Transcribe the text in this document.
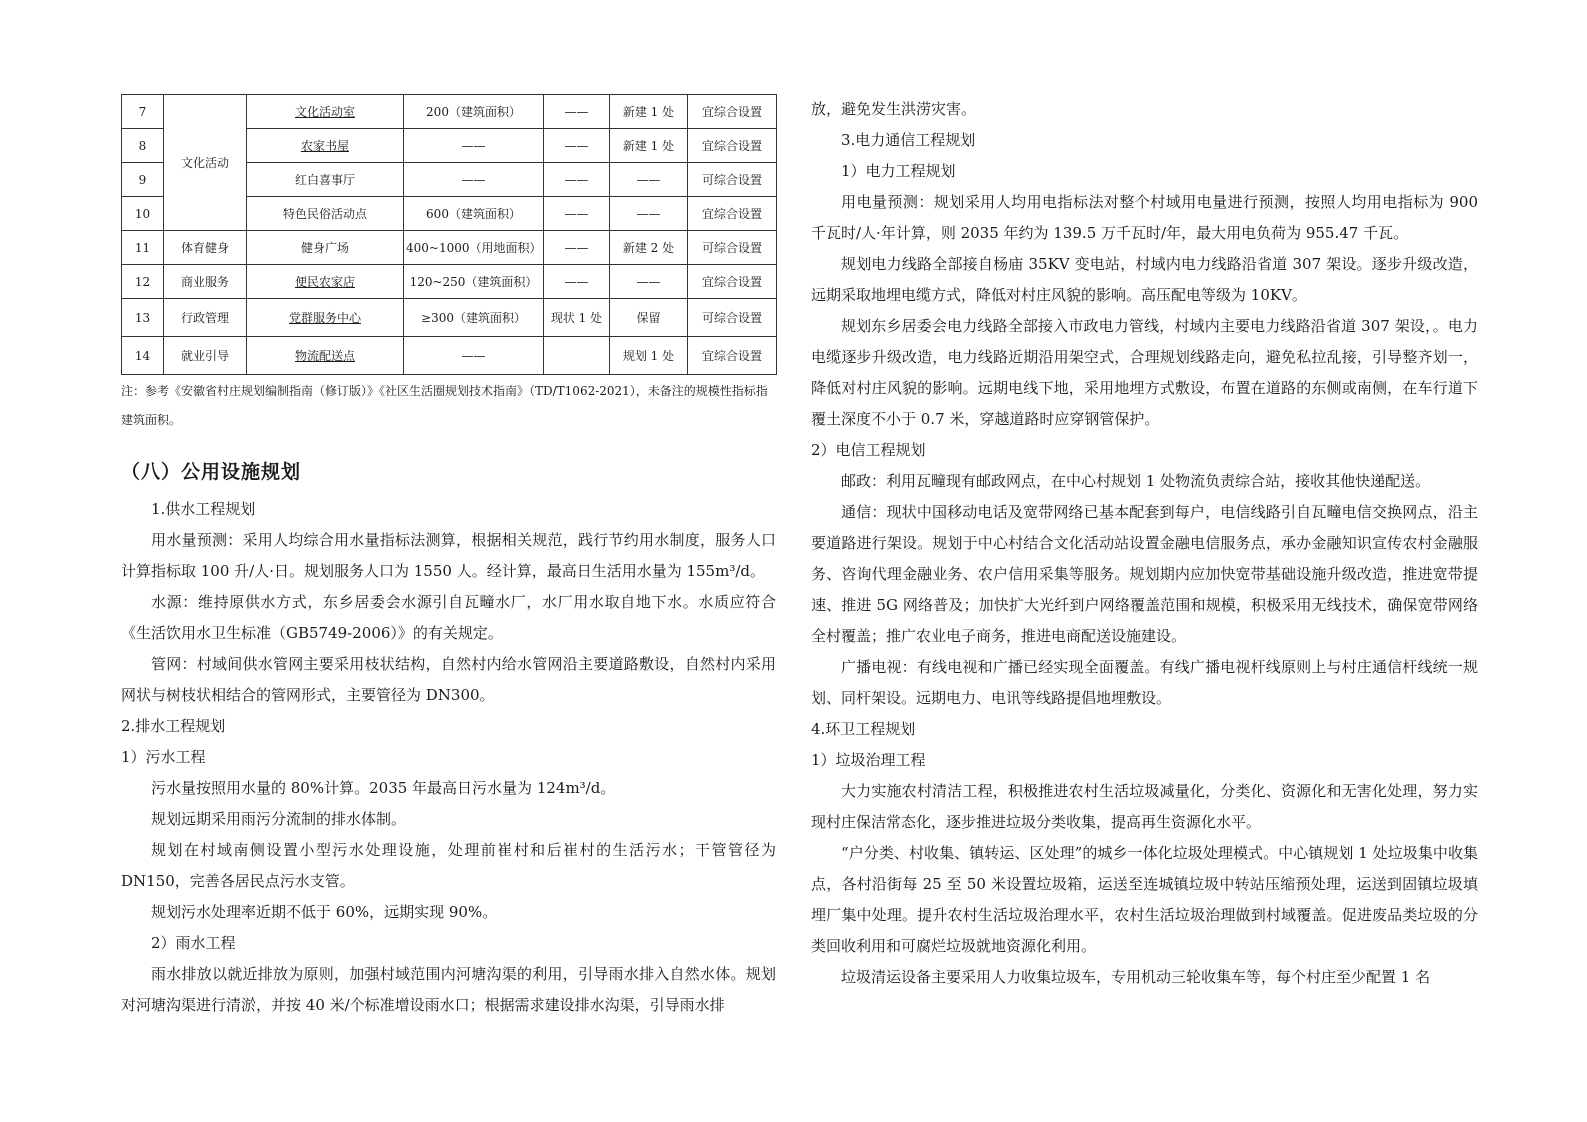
7	文化活动	文化活动室	200（建筑面积）	——	新建 1 处	宜综合设置
8		农家书屋	——	——	新建 1 处	宜综合设置
9		红白喜事厅	——	——	——	可综合设置
10		特色民俗活动点	600（建筑面积）	——	——	宜综合设置
11	体育健身	健身广场	400~1000（用地面积）	——	新建 2 处	可综合设置
12	商业服务	便民农家店	120~250（建筑面积）	——	——	宜综合设置
13	行政管理	党群服务中心	≥300（建筑面积）	现状 1 处	保留	可综合设置
14	就业引导	物流配送点	——		规划 1 处	宜综合设置
注：参考《安徽省村庄规划编制指南（修订版）》《社区生活圈规划技术指南》（TD/T1062-2021），未备注的规模性指标指建筑面积。
（八）公用设施规划

1.供水工程规划

用水量预测：采用人均综合用水量指标法测算，根据相关规范，践行节约用水制度，服务人口计算指标取 100 升/人·日。规划服务人口为 1550 人。经计算，最高日生活用水量为 155m³/d。

水源：维持原供水方式，东乡居委会水源引自瓦疃水厂，水厂用水取自地下水。水质应符合《生活饮用水卫生标准（GB5749-2006）》的有关规定。

管网：村域间供水管网主要采用枝状结构，自然村内给水管网沿主要道路敷设，自然村内采用网状与树枝状相结合的管网形式，主要管径为 DN300。

2.排水工程规划

1）污水工程

污水量按照用水量的 80%计算。2035 年最高日污水量为 124m³/d。

规划远期采用雨污分流制的排水体制。

规划在村域南侧设置小型污水处理设施，处理前崔村和后崔村的生活污水；干管管径为 DN150，完善各居民点污水支管。

规划污水处理率近期不低于 60%，远期实现 90%。

2）雨水工程

雨水排放以就近排放为原则，加强村域范围内河塘沟渠的利用，引导雨水排入自然水体。规划对河塘沟渠进行清淤，并按 40 米/个标准增设雨水口；根据需求建设排水沟渠，引导雨水排

放，避免发生洪涝灾害。

3.电力通信工程规划

1）电力工程规划

用电量预测：规划采用人均用电指标法对整个村域用电量进行预测，按照人均用电指标为 900 千瓦时/人·年计算，则 2035 年约为 139.5 万千瓦时/年，最大用电负荷为 955.47 千瓦。

规划电力线路全部接自杨庙 35KV 变电站，村域内电力线路沿省道 307 架设。逐步升级改造，远期采取地埋电缆方式，降低对村庄风貌的影响。高压配电等级为 10KV。

规划东乡居委会电力线路全部接入市政电力管线，村域内主要电力线路沿省道 307 架设，。电力电缆逐步升级改造，电力线路近期沿用架空式，合理规划线路走向，避免私拉乱接，引导整齐划一，降低对村庄风貌的影响。远期电线下地，采用地埋方式敷设，布置在道路的东侧或南侧，在车行道下覆土深度不小于 0.7 米，穿越道路时应穿钢管保护。

2）电信工程规划

邮政：利用瓦疃现有邮政网点，在中心村规划 1 处物流负责综合站，接收其他快递配送。

通信：现状中国移动电话及宽带网络已基本配套到每户，电信线路引自瓦疃电信交换网点，沿主要道路进行架设。规划于中心村结合文化活动站设置金融电信服务点，承办金融知识宣传农村金融服务、咨询代理金融业务、农户信用采集等服务。规划期内应加快宽带基础设施升级改造，推进宽带提速、推进 5G 网络普及；加快扩大光纤到户网络覆盖范围和规模，积极采用无线技术，确保宽带网络全村覆盖；推广农业电子商务，推进电商配送设施建设。

广播电视：有线电视和广播已经实现全面覆盖。有线广播电视杆线原则上与村庄通信杆线统一规划、同杆架设。远期电力、电讯等线路提倡地埋敷设。

4.环卫工程规划

1）垃圾治理工程

大力实施农村清洁工程，积极推进农村生活垃圾减量化，分类化、资源化和无害化处理，努力实现村庄保洁常态化，逐步推进垃圾分类收集，提高再生资源化水平。

“户分类、村收集、镇转运、区处理”的城乡一体化垃圾处理模式。中心镇规划 1 处垃圾集中收集点，各村沿街每 25 至 50 米设置垃圾箱，运送至连城镇垃圾中转站压缩预处理，运送到固镇垃圾填埋厂集中处理。提升农村生活垃圾治理水平，农村生活垃圾治理做到村域覆盖。促进废品类垃圾的分类回收利用和可腐烂垃圾就地资源化利用。

垃圾清运设备主要采用人力收集垃圾车，专用机动三轮收集车等，每个村庄至少配置 1 名
